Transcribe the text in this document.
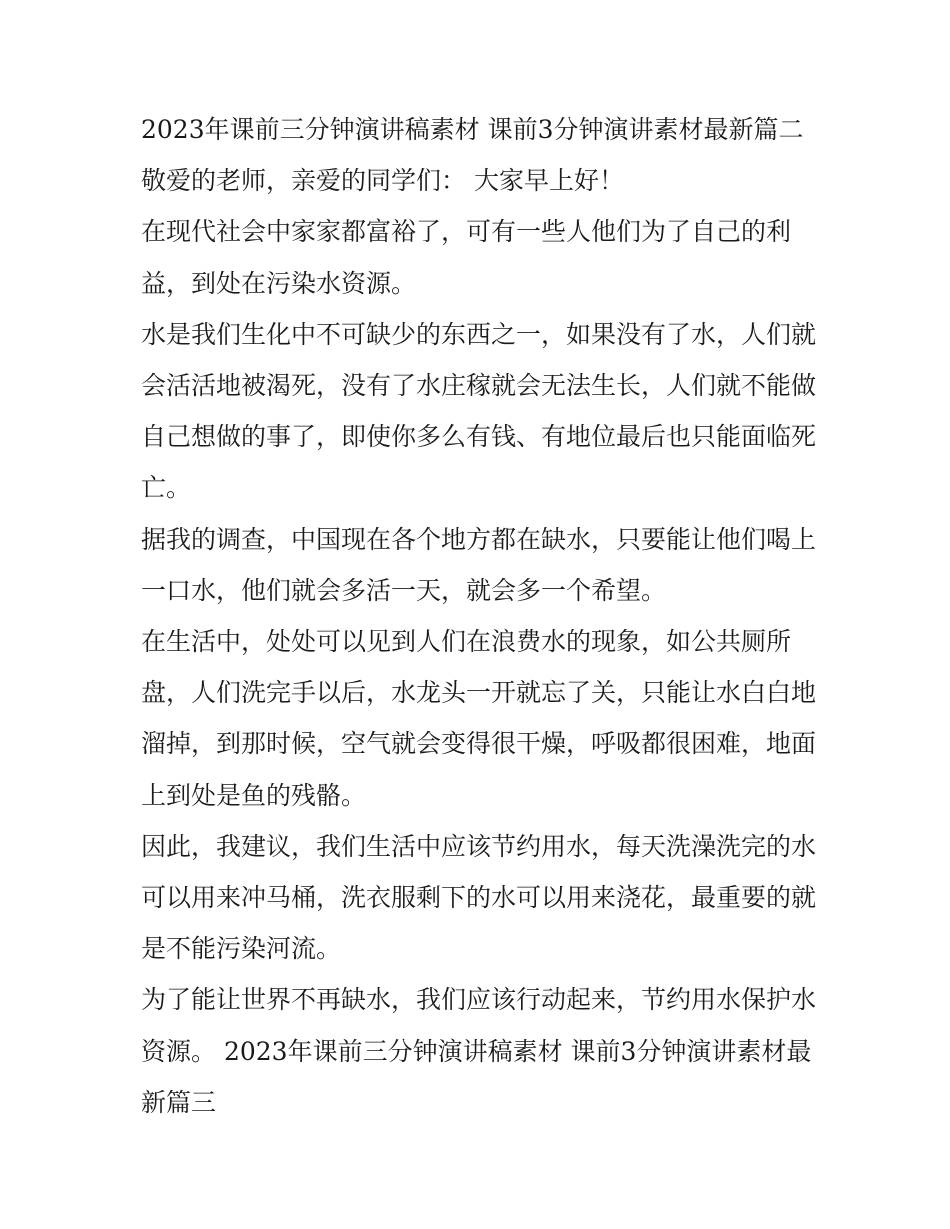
2023年课前三分钟演讲稿素材 课前3分钟演讲素材最新篇二

敬爱的老师，亲爱的同学们： 大家早上好！

在现代社会中家家都富裕了，可有一些人他们为了自己的利益，到处在污染水资源。

水是我们生化中不可缺少的东西之一，如果没有了水，人们就会活活地被渴死，没有了水庄稼就会无法生长，人们就不能做自己想做的事了，即使你多么有钱、有地位最后也只能面临死亡。

据我的调查，中国现在各个地方都在缺水，只要能让他们喝上一口水，他们就会多活一天，就会多一个希望。

在生活中，处处可以见到人们在浪费水的现象，如公共厕所盘，人们洗完手以后，水龙头一开就忘了关，只能让水白白地溜掉，到那时候，空气就会变得很干燥，呼吸都很困难，地面上到处是鱼的残骼。

因此，我建议，我们生活中应该节约用水，每天洗澡洗完的水可以用来冲马桶，洗衣服剩下的水可以用来浇花，最重要的就是不能污染河流。

为了能让世界不再缺水，我们应该行动起来，节约用水保护水资源。 2023年课前三分钟演讲稿素材 课前3分钟演讲素材最新篇三
